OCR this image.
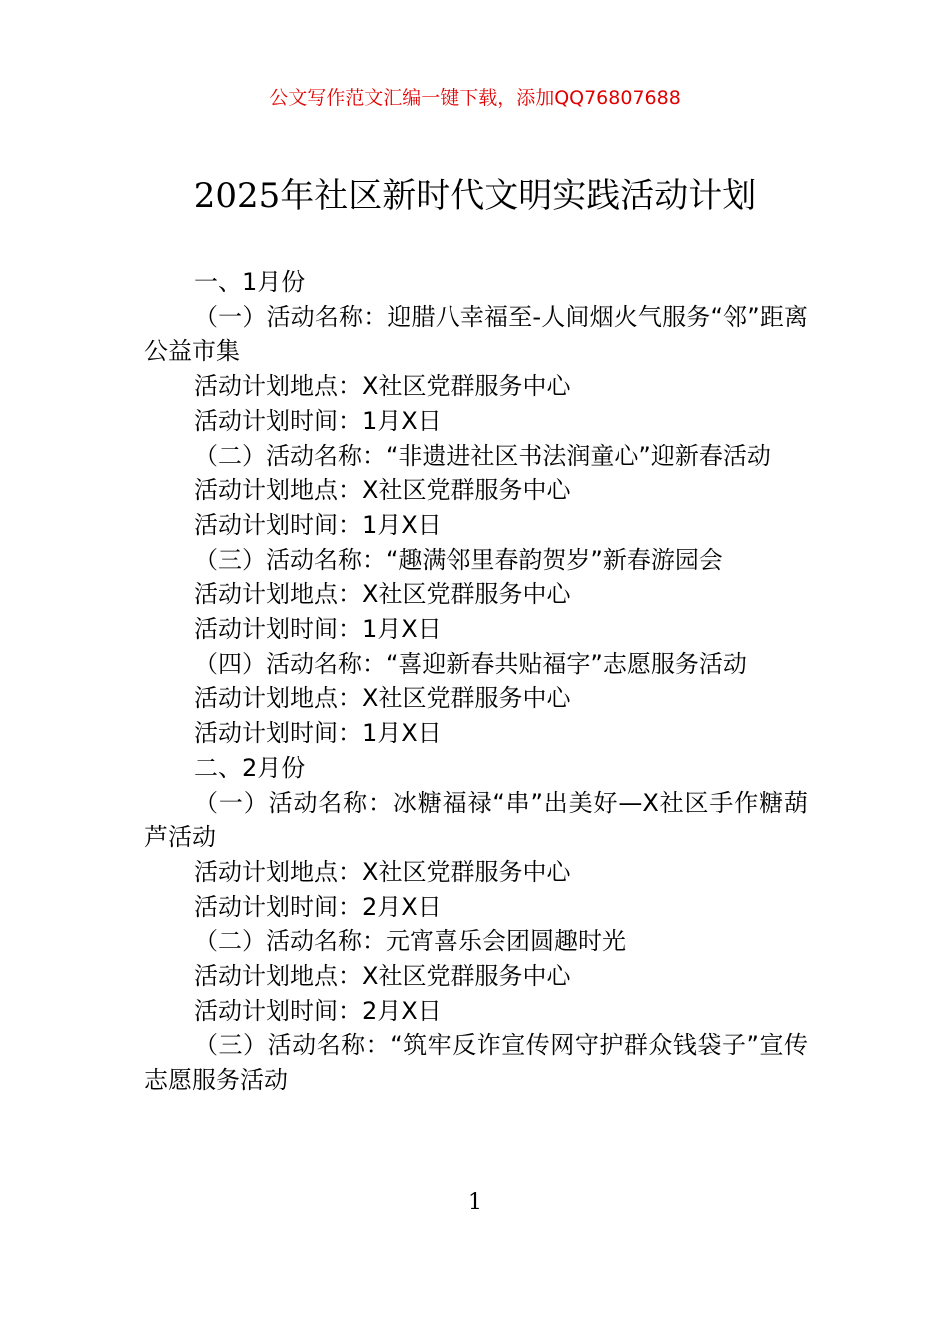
公文写作范文汇编一键下载，添加QQ76807688
2025年社区新时代文明实践活动计划

一、1月份

（一）活动名称：迎腊八幸福至-人间烟火气服务“邻”距离公益市集

活动计划地点：X社区党群服务中心

活动计划时间：1月X日

（二）活动名称：“非遗进社区书法润童心”迎新春活动

活动计划地点：X社区党群服务中心

活动计划时间：1月X日

（三）活动名称：“趣满邻里春韵贺岁”新春游园会

活动计划地点：X社区党群服务中心

活动计划时间：1月X日

（四）活动名称：“喜迎新春共贴福字”志愿服务活动

活动计划地点：X社区党群服务中心

活动计划时间：1月X日

二、2月份

（一）活动名称：冰糖福禄“串”出美好—X社区手作糖葫芦活动

活动计划地点：X社区党群服务中心

活动计划时间：2月X日

（二）活动名称：元宵喜乐会团圆趣时光

活动计划地点：X社区党群服务中心

活动计划时间：2月X日

（三）活动名称：“筑牢反诈宣传网守护群众钱袋子”宣传志愿服务活动

1
